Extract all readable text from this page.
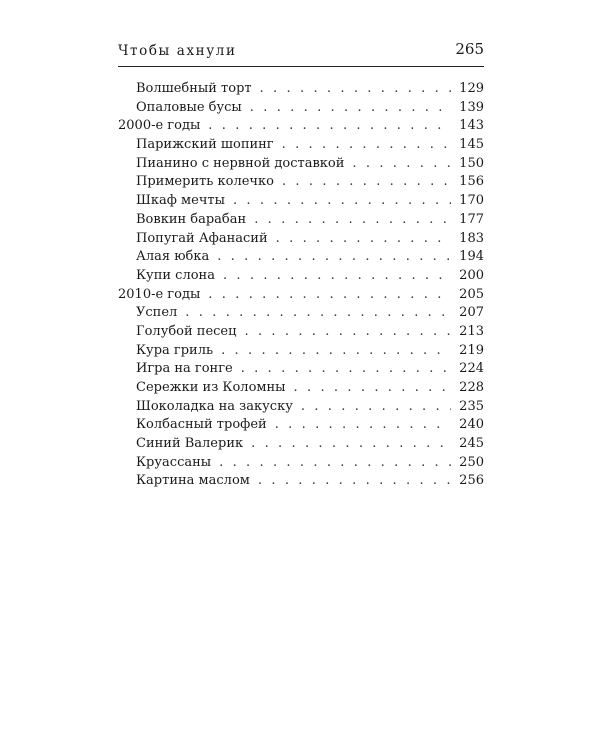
Чтобы ахнули	265
Волшебный торт . . .	129
Опаловые бусы . . .	139
2000-е годы . . .	143
Парижский шопинг . . .	145
Пианино с нервной доставкой . . .	150
Примерить колечко . . .	156
Шкаф мечты . . .	170
Вовкин барабан . . .	177
Попугай Афанасий . . .	183
Алая юбка . . .	194
Купи слона . . .	200
2010-е годы . . .	205
Успел . . .	207
Голубой песец . . .	213
Кура гриль . . .	219
Игра на гонге . . .	224
Сережки из Коломны . . .	228
Шоколадка на закуску . . .	235
Колбасный трофей . . .	240
Синий Валерик . . .	245
Круассаны . . .	250
Картина маслом . . .	256
